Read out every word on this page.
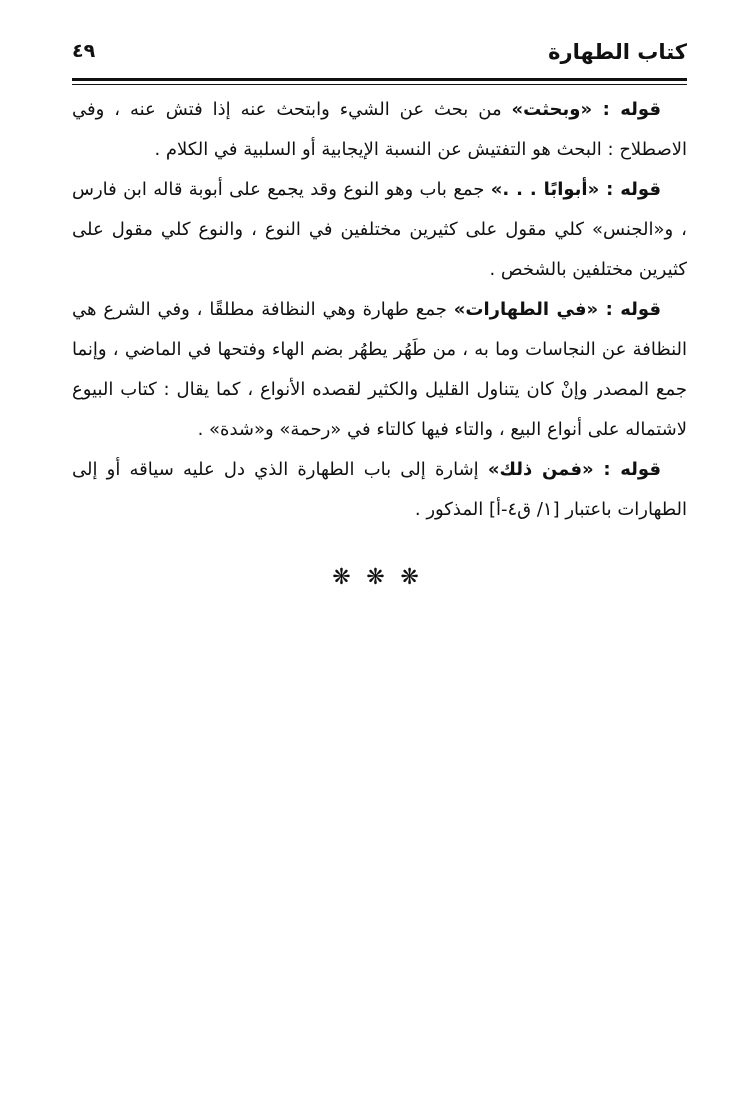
كتاب الطهارة
٤٩

قوله : «وبحثت» من بحث عن الشيء وابتحث عنه إذا فتش عنه ، وفي الاصطلاح : البحث هو التفتيش عن النسبة الإيجابية أو السلبية في الكلام .

قوله : «أبوابًا . . .» جمع باب وهو النوع وقد يجمع على أبوبة قاله ابن فارس ، و«الجنس» كلي مقول على كثيرين مختلفين في النوع ، والنوع كلي مقول على كثيرين مختلفين بالشخص .

قوله : «في الطهارات» جمع طهارة وهي النظافة مطلقًا ، وفي الشرع هي النظافة عن النجاسات وما به ، من طَهُر يطهُر بضم الهاء وفتحها في الماضي ، وإنما جمع المصدر وإنْ كان يتناول القليل والكثير لقصده الأنواع ، كما يقال : كتاب البيوع لاشتماله على أنواع البيع ، والتاء فيها كالتاء في «رحمة» و«شدة» .

قوله : «فمن ذلك» إشارة إلى باب الطهارة الذي دل عليه سياقه أو إلى الطهارات باعتبار [١/ ق٤-أ] المذكور .

❋ ❋ ❋
